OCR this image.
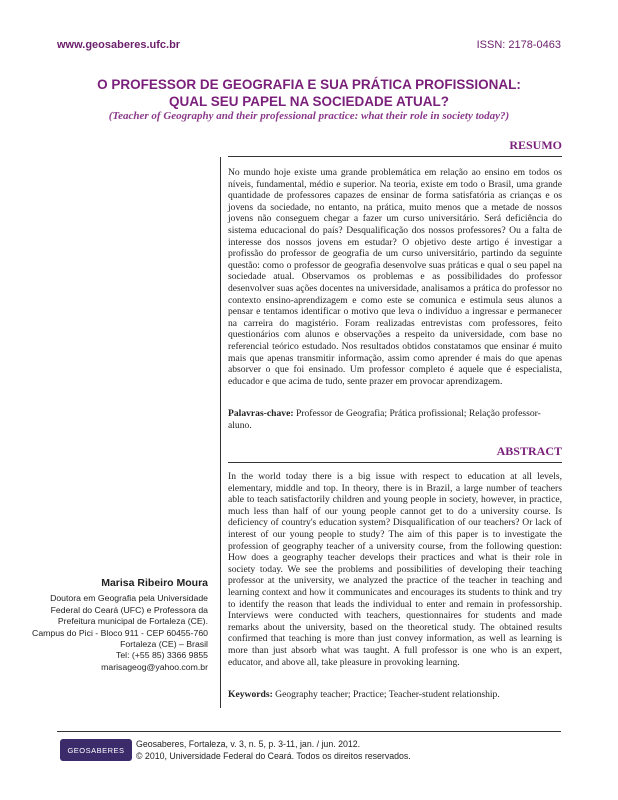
www.geosaberes.ufc.br	ISSN: 2178-0463
O PROFESSOR DE GEOGRAFIA E SUA PRÁTICA PROFISSIONAL:
QUAL SEU PAPEL NA SOCIEDADE ATUAL?
(Teacher of Geography and their professional practice: what their role in society today?)
RESUMO
No mundo hoje existe uma grande problemática em relação ao ensino em todos os níveis, fundamental, médio e superior. Na teoria, existe em todo o Brasil, uma grande quantidade de professores capazes de ensinar de forma satisfatória as crianças e os jovens da sociedade, no entanto, na prática, muito menos que a metade de nossos jovens não conseguem chegar a fazer um curso universitário. Será deficiência do sistema educacional do país? Desqualificação dos nossos professores? Ou a falta de interesse dos nossos jovens em estudar? O objetivo deste artigo é investigar a profissão do professor de geografia de um curso universitário, partindo da seguinte questão: como o professor de geografia desenvolve suas práticas e qual o seu papel na sociedade atual. Observamos os problemas e as possibilidades do professor desenvolver suas ações docentes na universidade, analisamos a prática do professor no contexto ensino-aprendizagem e como este se comunica e estimula seus alunos a pensar e tentamos identificar o motivo que leva o indivíduo a ingressar e permanecer na carreira do magistério. Foram realizadas entrevistas com professores, feito questionários com alunos e observações a respeito da universidade, com base no referencial teórico estudado. Nos resultados obtidos constatamos que ensinar é muito mais que apenas transmitir informação, assim como aprender é mais do que apenas absorver o que foi ensinado. Um professor completo é aquele que é especialista, educador e que acima de tudo, sente prazer em provocar aprendizagem.
Palavras-chave: Professor de Geografia; Prática profissional; Relação professor-aluno.
ABSTRACT
In the world today there is a big issue with respect to education at all levels, elementary, middle and top. In theory, there is in Brazil, a large number of teachers able to teach satisfactorily children and young people in society, however, in practice, much less than half of our young people cannot get to do a university course. Is deficiency of country's education system? Disqualification of our teachers? Or lack of interest of our young people to study? The aim of this paper is to investigate the profession of geography teacher of a university course, from the following question: How does a geography teacher develops their practices and what is their role in society today. We see the problems and possibilities of developing their teaching professor at the university, we analyzed the practice of the teacher in teaching and learning context and how it communicates and encourages its students to think and try to identify the reason that leads the individual to enter and remain in professorship. Interviews were conducted with teachers, questionnaires for students and made remarks about the university, based on the theoretical study. The obtained results confirmed that teaching is more than just convey information, as well as learning is more than just absorb what was taught. A full professor is one who is an expert, educator, and above all, take pleasure in provoking learning.
Keywords: Geography teacher; Practice; Teacher-student relationship.
Marisa Ribeiro Moura
Doutora em Geografia pela Universidade
Federal do Ceará (UFC) e Professora da
Prefeitura municipal de Fortaleza (CE).
Campus do Pici - Bloco 911 - CEP 60455-760
Fortaleza (CE) – Brasil
Tel: (+55 85) 3366 9855
marisageog@yahoo.com.br
GEOSABERES
Geosaberes, Fortaleza, v. 3, n. 5, p. 3-11, jan. / jun. 2012.
© 2010, Universidade Federal do Ceará. Todos os direitos reservados.
